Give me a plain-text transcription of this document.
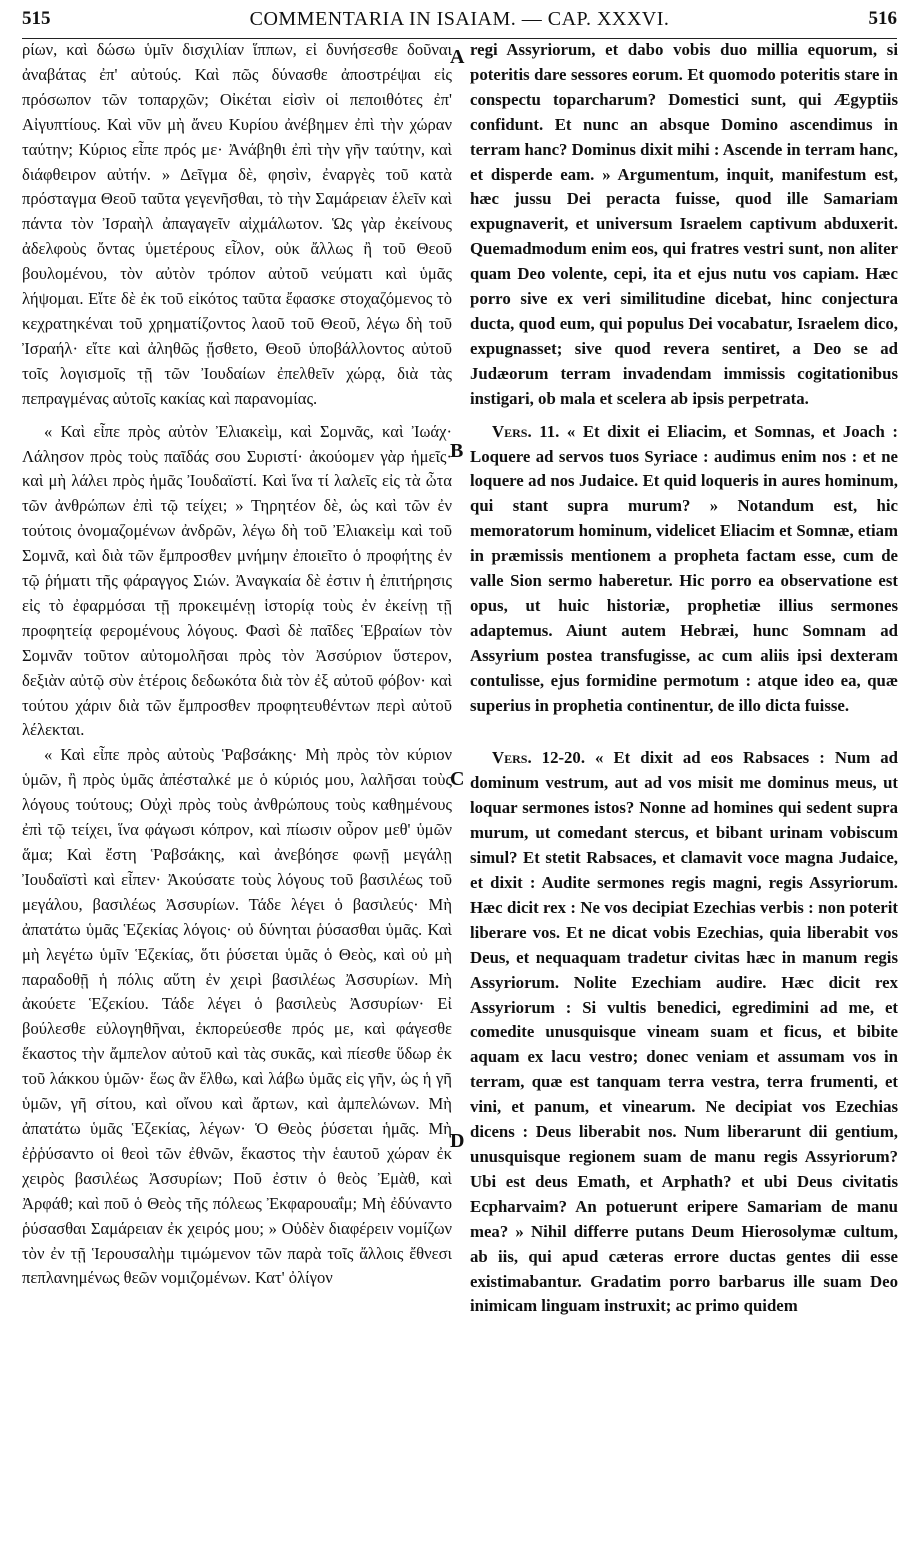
515	COMMENTARIA IN ISAIAM. — CAP. XXXVI.	516

ρίων, καὶ δώσω ὑμῖν δισχιλίαν ἵππων, εἰ δυνήσεσθε δοῦναι ἀναβάτας ἐπ' αὐτούς. Καὶ πῶς δύνασθε ἀποστρέψαι εἰς πρόσωπον τῶν τοπαρχῶν; Οἰκέται εἰσὶν οἱ πεποιθότες ἐπ' Αἰγυπτίους. Καὶ νῦν μὴ ἄνευ Κυρίου ἀνέβημεν ἐπὶ τὴν χώραν ταύτην; Κύριος εἶπε πρός με· Ἀνάβηθι ἐπὶ τὴν γῆν ταύτην, καὶ διάφθειρον αὐτήν. » Δεῖγμα δὲ, φησὶν, ἐναργὲς τοῦ κατὰ πρόσταγμα Θεοῦ ταῦτα γεγενῆσθαι, τὸ τὴν Σαμάρειαν ἑλεῖν καὶ πάντα τὸν Ἰσραὴλ ἀπαγαγεῖν αἰχμάλωτον. Ὡς γὰρ ἐκείνους ἀδελφοὺς ὄντας ὑμετέρους εἷλον, οὐκ ἄλλως ἢ τοῦ Θεοῦ βουλομένου, τὸν αὐτὸν τρόπον αὐτοῦ νεύματι καὶ ὑμᾶς λήψομαι. Εἴτε δὲ ἐκ τοῦ εἰκότος ταῦτα ἔφασκε στοχαζόμενος τὸ κεχρατηκέναι τοῦ χρηματίζοντος λαοῦ τοῦ Θεοῦ, λέγω δὴ τοῦ Ἰσραήλ· εἴτε καὶ ἀληθῶς ᾔσθετο, Θεοῦ ὑποβάλλοντος αὐτοῦ τοῖς λογισμοῖς τῇ τῶν Ἰουδαίων ἐπελθεῖν χώρᾳ, διὰ τὰς πεπραγμένας αὐτοῖς κακίας καὶ παρανομίας.

« Καὶ εἶπε πρὸς αὐτὸν Ἐλιακεὶμ, καὶ Σομνᾶς, καὶ Ἰωάχ· Λάλησον πρὸς τοὺς παῖδάς σου Συριστί· ἀκούομεν γὰρ ἡμεῖς· καὶ μὴ λάλει πρὸς ἡμᾶς Ἰουδαϊστί. Καὶ ἵνα τί λαλεῖς εἰς τὰ ὦτα τῶν ἀνθρώπων ἐπὶ τῷ τείχει; » Τηρητέον δὲ, ὡς καὶ τῶν ἐν τούτοις ὀνομαζομένων ἀνδρῶν, λέγω δὴ τοῦ Ἐλιακεὶμ καὶ τοῦ Σομνᾶ, καὶ διὰ τῶν ἔμπροσθεν μνήμην ἐποιεῖτο ὁ προφήτης ἐν τῷ ῥήματι τῆς φάραγγος Σιών. Ἀναγκαία δὲ ἐστιν ἡ ἐπιτήρησις εἰς τὸ ἐφαρμόσαι τῇ προκειμένῃ ἱστορίᾳ τοὺς ἐν ἐκείνῃ τῇ προφητείᾳ φερομένους λόγους. Φασὶ δὲ παῖδες Ἑβραίων τὸν Σομνᾶν τοῦτον αὐτομολῆσαι πρὸς τὸν Ἀσσύριον ὕστερον, δεξιὰν αὐτῷ σὺν ἑτέροις δεδωκότα διὰ τὸν ἐξ αὐτοῦ φόβον· καὶ τούτου χάριν διὰ τῶν ἔμπροσθεν προφητευθέντων περὶ αὐτοῦ λέλεκται.

« Καὶ εἶπε πρὸς αὐτοὺς Ῥαβσάκης· Μὴ πρὸς τὸν κύριον ὑμῶν, ἢ πρὸς ὑμᾶς ἀπέσταλκέ με ὁ κύριός μου, λαλῆσαι τοὺς λόγους τούτους; Οὐχὶ πρὸς τοὺς ἀνθρώπους τοὺς καθημένους ἐπὶ τῷ τείχει, ἵνα φάγωσι κόπρον, καὶ πίωσιν οὖρον μεθ' ὑμῶν ἅμα; Καὶ ἔστη Ῥαβσάκης, καὶ ἀνεβόησε φωνῇ μεγάλῃ Ἰουδαϊστὶ καὶ εἶπεν· Ἀκούσατε τοὺς λόγους τοῦ βασιλέως τοῦ μεγάλου, βασιλέως Ἀσσυρίων. Τάδε λέγει ὁ βασιλεύς· Μὴ ἀπατάτω ὑμᾶς Ἑζεκίας λόγοις· οὐ δύνηται ῥύσασθαι ὑμᾶς. Καὶ μὴ λεγέτω ὑμῖν Ἑζεκίας, ὅτι ῥύσεται ὑμᾶς ὁ Θεὸς, καὶ οὐ μὴ παραδοθῇ ἡ πόλις αὕτη ἐν χειρὶ βασιλέως Ἀσσυρίων. Μὴ ἀκούετε Ἑζεκίου. Τάδε λέγει ὁ βασιλεὺς Ἀσσυρίων· Εἰ βούλεσθε εὐλογηθῆναι, ἐκπορεύεσθε πρός με, καὶ φάγεσθε ἕκαστος τὴν ἄμπελον αὐτοῦ καὶ τὰς συκᾶς, καὶ πίεσθε ὕδωρ ἐκ τοῦ λάκκου ὑμῶν· ἕως ἂν ἔλθω, καὶ λάβω ὑμᾶς εἰς γῆν, ὡς ἡ γῆ ὑμῶν, γῆ σίτου, καὶ οἴνου καὶ ἄρτων, καὶ ἀμπελώνων. Μὴ ἀπατάτω ὑμᾶς Ἑζεκίας, λέγων· Ὁ Θεὸς ῥύσεται ἡμᾶς. Μὴ ἐῤῥύσαντο οἱ θεοὶ τῶν ἐθνῶν, ἕκαστος τὴν ἑαυτοῦ χώραν ἐκ χειρὸς βασιλέως Ἀσσυρίων; Ποῦ ἐστιν ὁ θεὸς Ἐμὰθ, καὶ Ἀρφάθ; καὶ ποῦ ὁ Θεὸς τῆς πόλεως Ἐκφαρουαΐμ; Μὴ ἐδύναντο ῥύσασθαι Σαμάρειαν ἐκ χειρός μου; » Οὐδὲν διαφέρειν νομίζων τὸν ἐν τῇ Ἱερουσαλὴμ τιμώμενον τῶν παρὰ τοῖς ἄλλοις ἔθνεσι πεπλανημένως θεῶν νομιζομένων. Κατ' ὀλίγον

A
B
C
D

regi Assyriorum, et dabo vobis duo millia equorum, si poteritis dare sessores eorum. Et quomodo poteritis stare in conspectu toparcharum? Domestici sunt, qui Ægyptiis confidunt. Et nunc an absque Domino ascendimus in terram hanc? Dominus dixit mihi : Ascende in terram hanc, et disperde eam. » Argumentum, inquit, manifestum est, hæc jussu Dei peracta fuisse, quod ille Samariam expugnaverit, et universum Israelem captivum abduxerit. Quemadmodum enim eos, qui fratres vestri sunt, non aliter quam Deo volente, cepi, ita et ejus nutu vos capiam. Hæc porro sive ex veri similitudine dicebat, hinc conjectura ducta, quod eum, qui populus Dei vocabatur, Israelem dico, expugnasset; sive quod revera sentiret, a Deo se ad Judæorum terram invadendam immissis cogitationibus instigari, ob mala et scelera ab ipsis perpetrata.

Vers. 11. « Et dixit ei Eliacim, et Somnas, et Joach : Loquere ad servos tuos Syriace : audimus enim nos : et ne loquere ad nos Judaice. Et quid loqueris in aures hominum, qui stant supra murum? » Notandum est, hic memoratorum hominum, videlicet Eliacim et Somnæ, etiam in præmissis mentionem a propheta factam esse, cum de valle Sion sermo haberetur. Hic porro ea observatione est opus, ut huic historiæ, prophetiæ illius sermones adaptemus. Aiunt autem Hebræi, hunc Somnam ad Assyrium postea transfugisse, ac cum aliis ipsi dexteram contulisse, ejus formidine permotum : atque ideo ea, quæ superius in prophetia continentur, de illo dicta fuisse.

Vers. 12-20. « Et dixit ad eos Rabsaces : Num ad dominum vestrum, aut ad vos misit me dominus meus, ut loquar sermones istos? Nonne ad homines qui sedent supra murum, ut comedant stercus, et bibant urinam vobiscum simul? Et stetit Rabsaces, et clamavit voce magna Judaice, et dixit : Audite sermones regis magni, regis Assyriorum. Hæc dicit rex : Ne vos decipiat Ezechias verbis : non poterit liberare vos. Et ne dicat vobis Ezechias, quia liberabit vos Deus, et nequaquam tradetur civitas hæc in manum regis Assyriorum. Nolite Ezechiam audire. Hæc dicit rex Assyriorum : Si vultis benedici, egredimini ad me, et comedite unusquisque vineam suam et ficus, et bibite aquam ex lacu vestro; donec veniam et assumam vos in terram, quæ est tanquam terra vestra, terra frumenti, et vini, et panum, et vinearum. Ne decipiat vos Ezechias dicens : Deus liberabit nos. Num liberarunt dii gentium, unusquisque regionem suam de manu regis Assyriorum? Ubi est deus Emath, et Arphath? et ubi Deus civitatis Ecpharvaim? An potuerunt eripere Samariam de manu mea? » Nihil differre putans Deum Hierosolymæ cultum, ab iis, qui apud cæteras errore ductas gentes dii esse existimabantur. Gradatim porro barbarus ille suam Deo inimicam linguam instruxit; ac primo quidem
